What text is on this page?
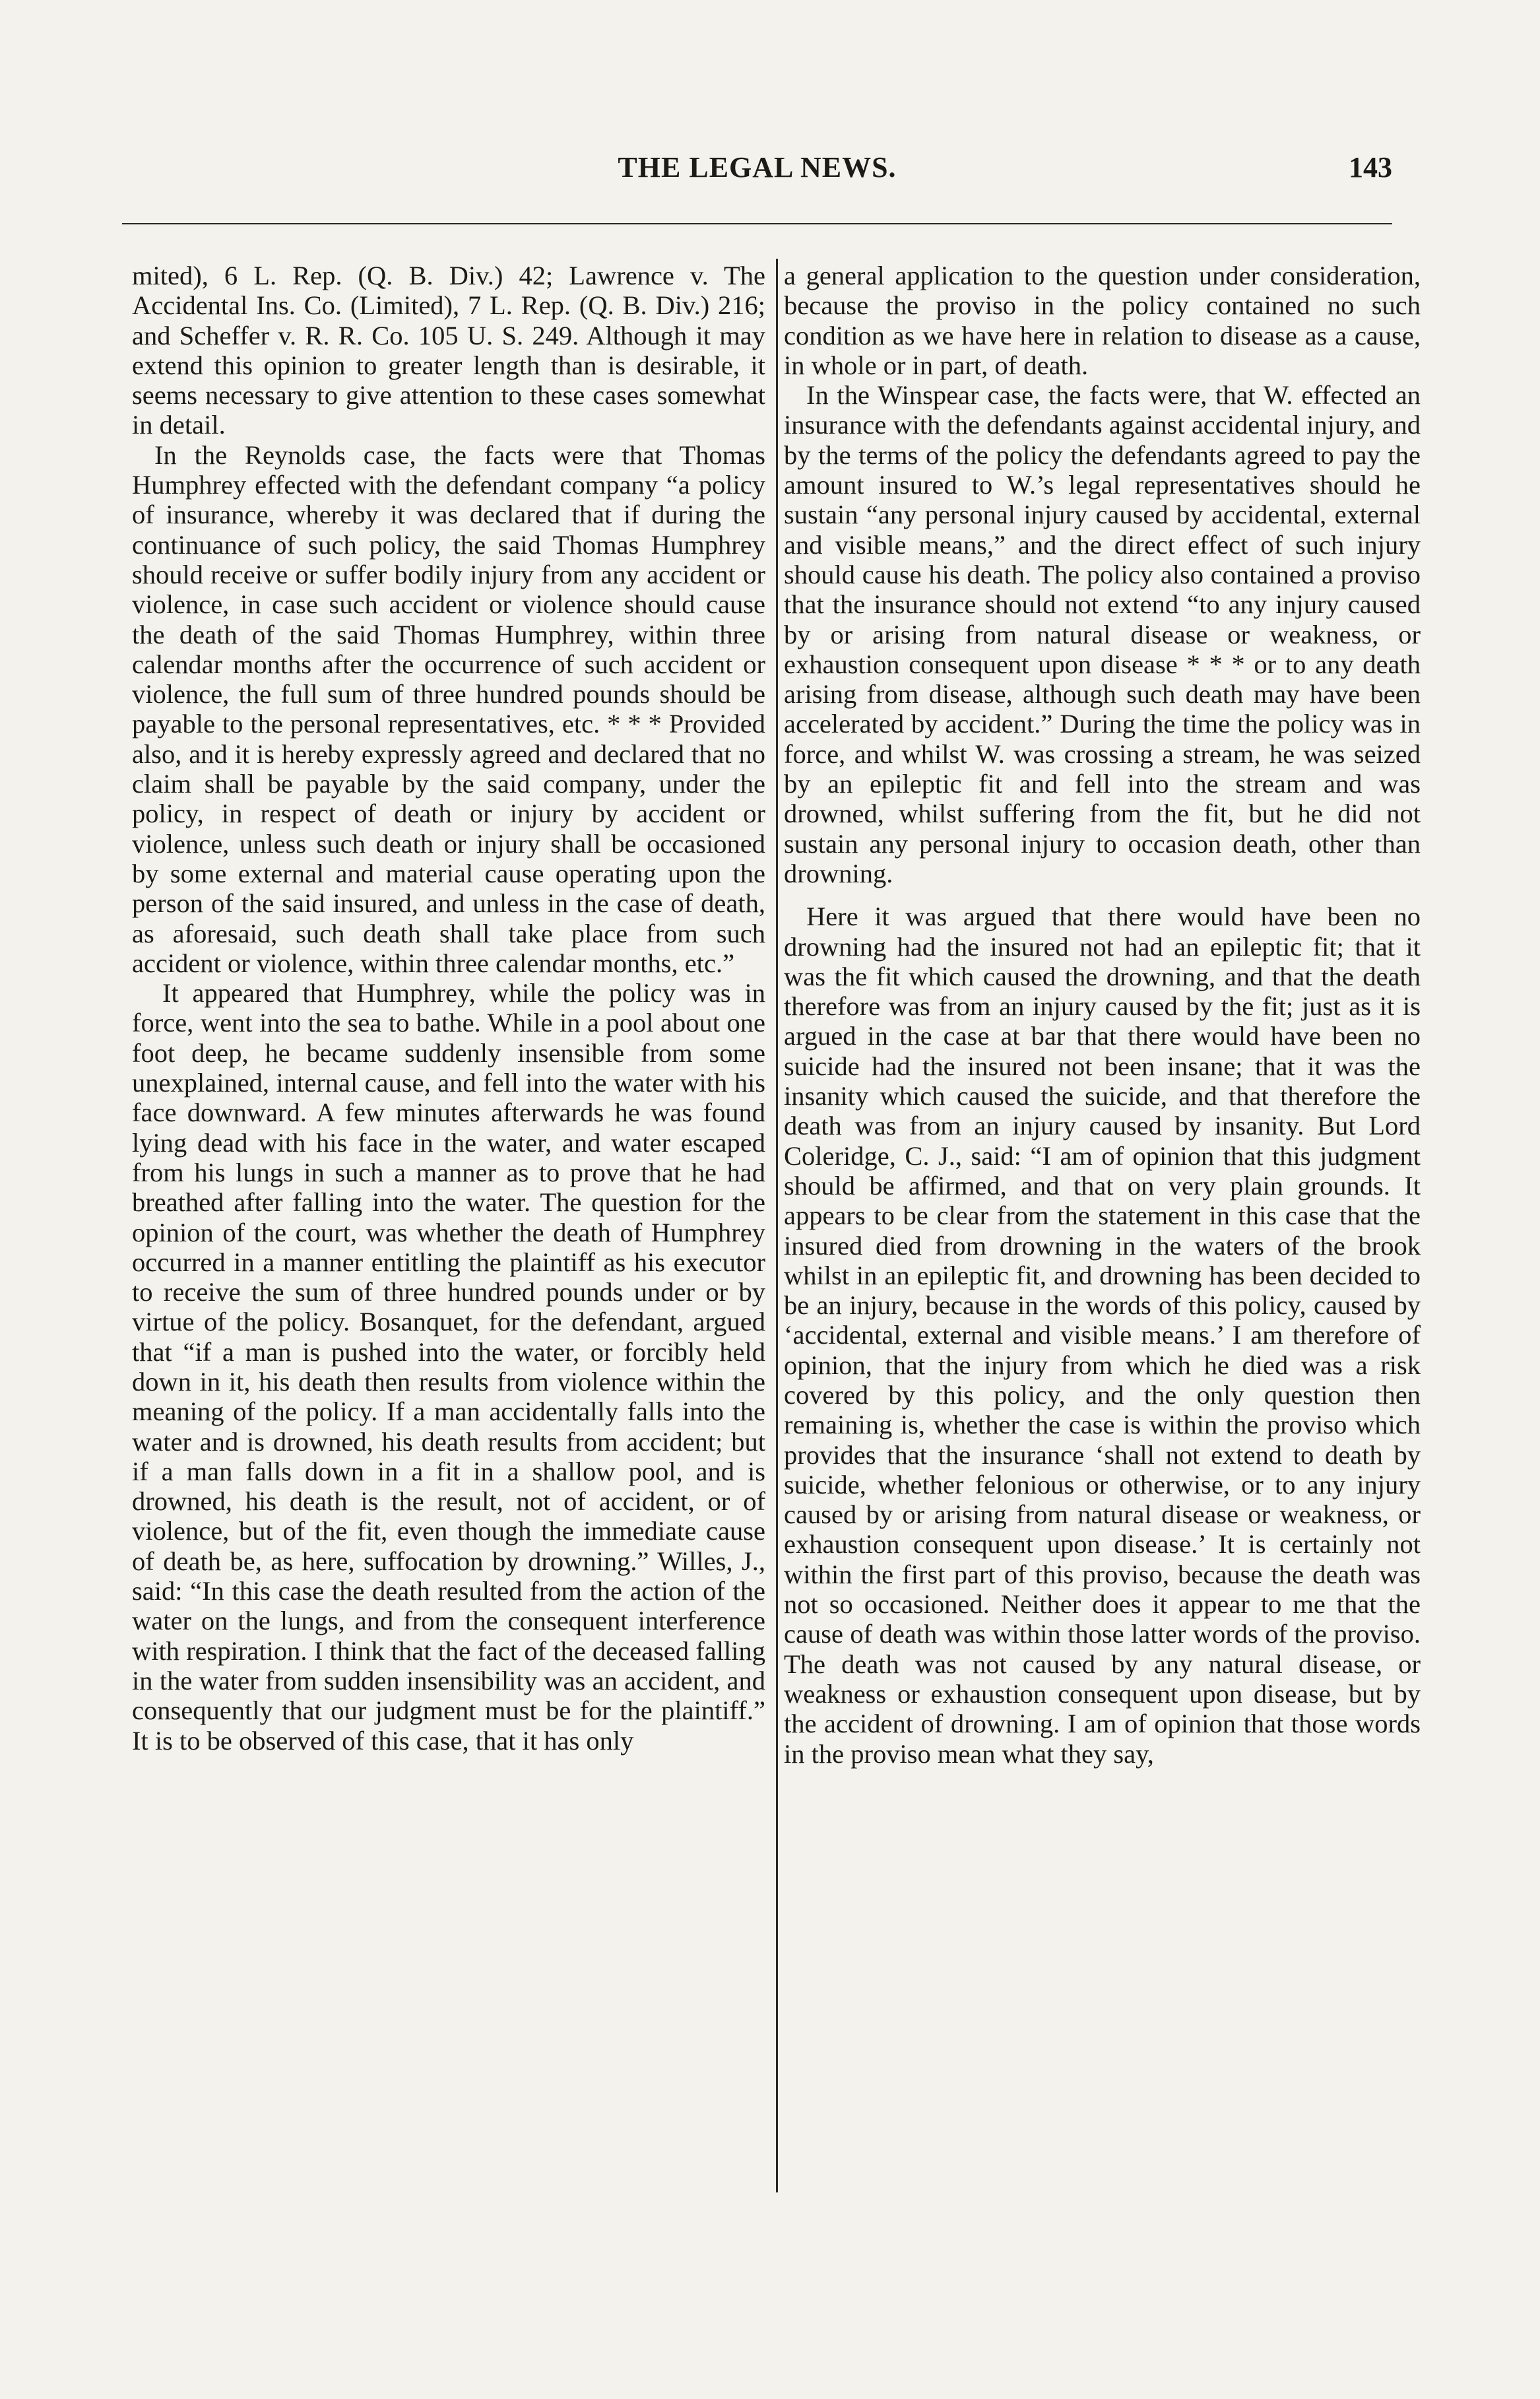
THE LEGAL NEWS.	143

mited), 6 L. Rep. (Q. B. Div.) 42; Lawrence v. The Accidental Ins. Co. (Limited), 7 L. Rep. (Q. B. Div.) 216; and Scheffer v. R. R. Co. 105 U. S. 249. Although it may extend this opinion to greater length than is desirable, it seems necessary to give attention to these cases somewhat in detail.

In the Reynolds case, the facts were that Thomas Humphrey effected with the defendant company “a policy of insurance, whereby it was declared that if during the continuance of such policy, the said Thomas Humphrey should receive or suffer bodily injury from any accident or violence, in case such accident or violence should cause the death of the said Thomas Humphrey, within three calendar months after the occurrence of such accident or violence, the full sum of three hundred pounds should be payable to the personal representatives, etc. * * * Provided also, and it is hereby expressly agreed and declared that no claim shall be payable by the said company, under the policy, in respect of death or injury by accident or violence, unless such death or injury shall be occasioned by some external and material cause operating upon the person of the said insured, and unless in the case of death, as aforesaid, such death shall take place from such accident or violence, within three calendar months, etc.”

It appeared that Humphrey, while the policy was in force, went into the sea to bathe. While in a pool about one foot deep, he became suddenly insensible from some unexplained, internal cause, and fell into the water with his face downward. A few minutes afterwards he was found lying dead with his face in the water, and water escaped from his lungs in such a manner as to prove that he had breathed after falling into the water. The question for the opinion of the court, was whether the death of Humphrey occurred in a manner entitling the plaintiff as his executor to receive the sum of three hundred pounds under or by virtue of the policy. Bosanquet, for the defendant, argued that “if a man is pushed into the water, or forcibly held down in it, his death then results from violence within the meaning of the policy. If a man accidentally falls into the water and is drowned, his death results from accident; but if a man falls down in a fit in a shallow pool, and is drowned, his death is the result, not of accident, or of violence, but of the fit, even though the immediate cause of death be, as here, suffocation by drowning.” Willes, J., said: “In this case the death resulted from the action of the water on the lungs, and from the consequent interference with respiration. I think that the fact of the deceased falling in the water from sudden insensibility was an accident, and consequently that our judgment must be for the plaintiff.” It is to be observed of this case, that it has only

a general application to the question under consideration, because the proviso in the policy contained no such condition as we have here in relation to disease as a cause, in whole or in part, of death.

In the Winspear case, the facts were, that W. effected an insurance with the defendants against accidental injury, and by the terms of the policy the defendants agreed to pay the amount insured to W.’s legal representatives should he sustain “any personal injury caused by accidental, external and visible means,” and the direct effect of such injury should cause his death. The policy also contained a proviso that the insurance should not extend “to any injury caused by or arising from natural disease or weakness, or exhaustion consequent upon disease * * * or to any death arising from disease, although such death may have been accelerated by accident.” During the time the policy was in force, and whilst W. was crossing a stream, he was seized by an epileptic fit and fell into the stream and was drowned, whilst suffering from the fit, but he did not sustain any personal injury to occasion death, other than drowning.

Here it was argued that there would have been no drowning had the insured not had an epileptic fit; that it was the fit which caused the drowning, and that the death therefore was from an injury caused by the fit; just as it is argued in the case at bar that there would have been no suicide had the insured not been insane; that it was the insanity which caused the suicide, and that therefore the death was from an injury caused by insanity. But Lord Coleridge, C. J., said: “I am of opinion that this judgment should be affirmed, and that on very plain grounds. It appears to be clear from the statement in this case that the insured died from drowning in the waters of the brook whilst in an epileptic fit, and drowning has been decided to be an injury, because in the words of this policy, caused by ‘accidental, external and visible means.’ I am therefore of opinion, that the injury from which he died was a risk covered by this policy, and the only question then remaining is, whether the case is within the proviso which provides that the insurance ‘shall not extend to death by suicide, whether felonious or otherwise, or to any injury caused by or arising from natural disease or weakness, or exhaustion consequent upon disease.’ It is certainly not within the first part of this proviso, because the death was not so occasioned. Neither does it appear to me that the cause of death was within those latter words of the proviso. The death was not caused by any natural disease, or weakness or exhaustion consequent upon disease, but by the accident of drowning. I am of opinion that those words in the proviso mean what they say,
